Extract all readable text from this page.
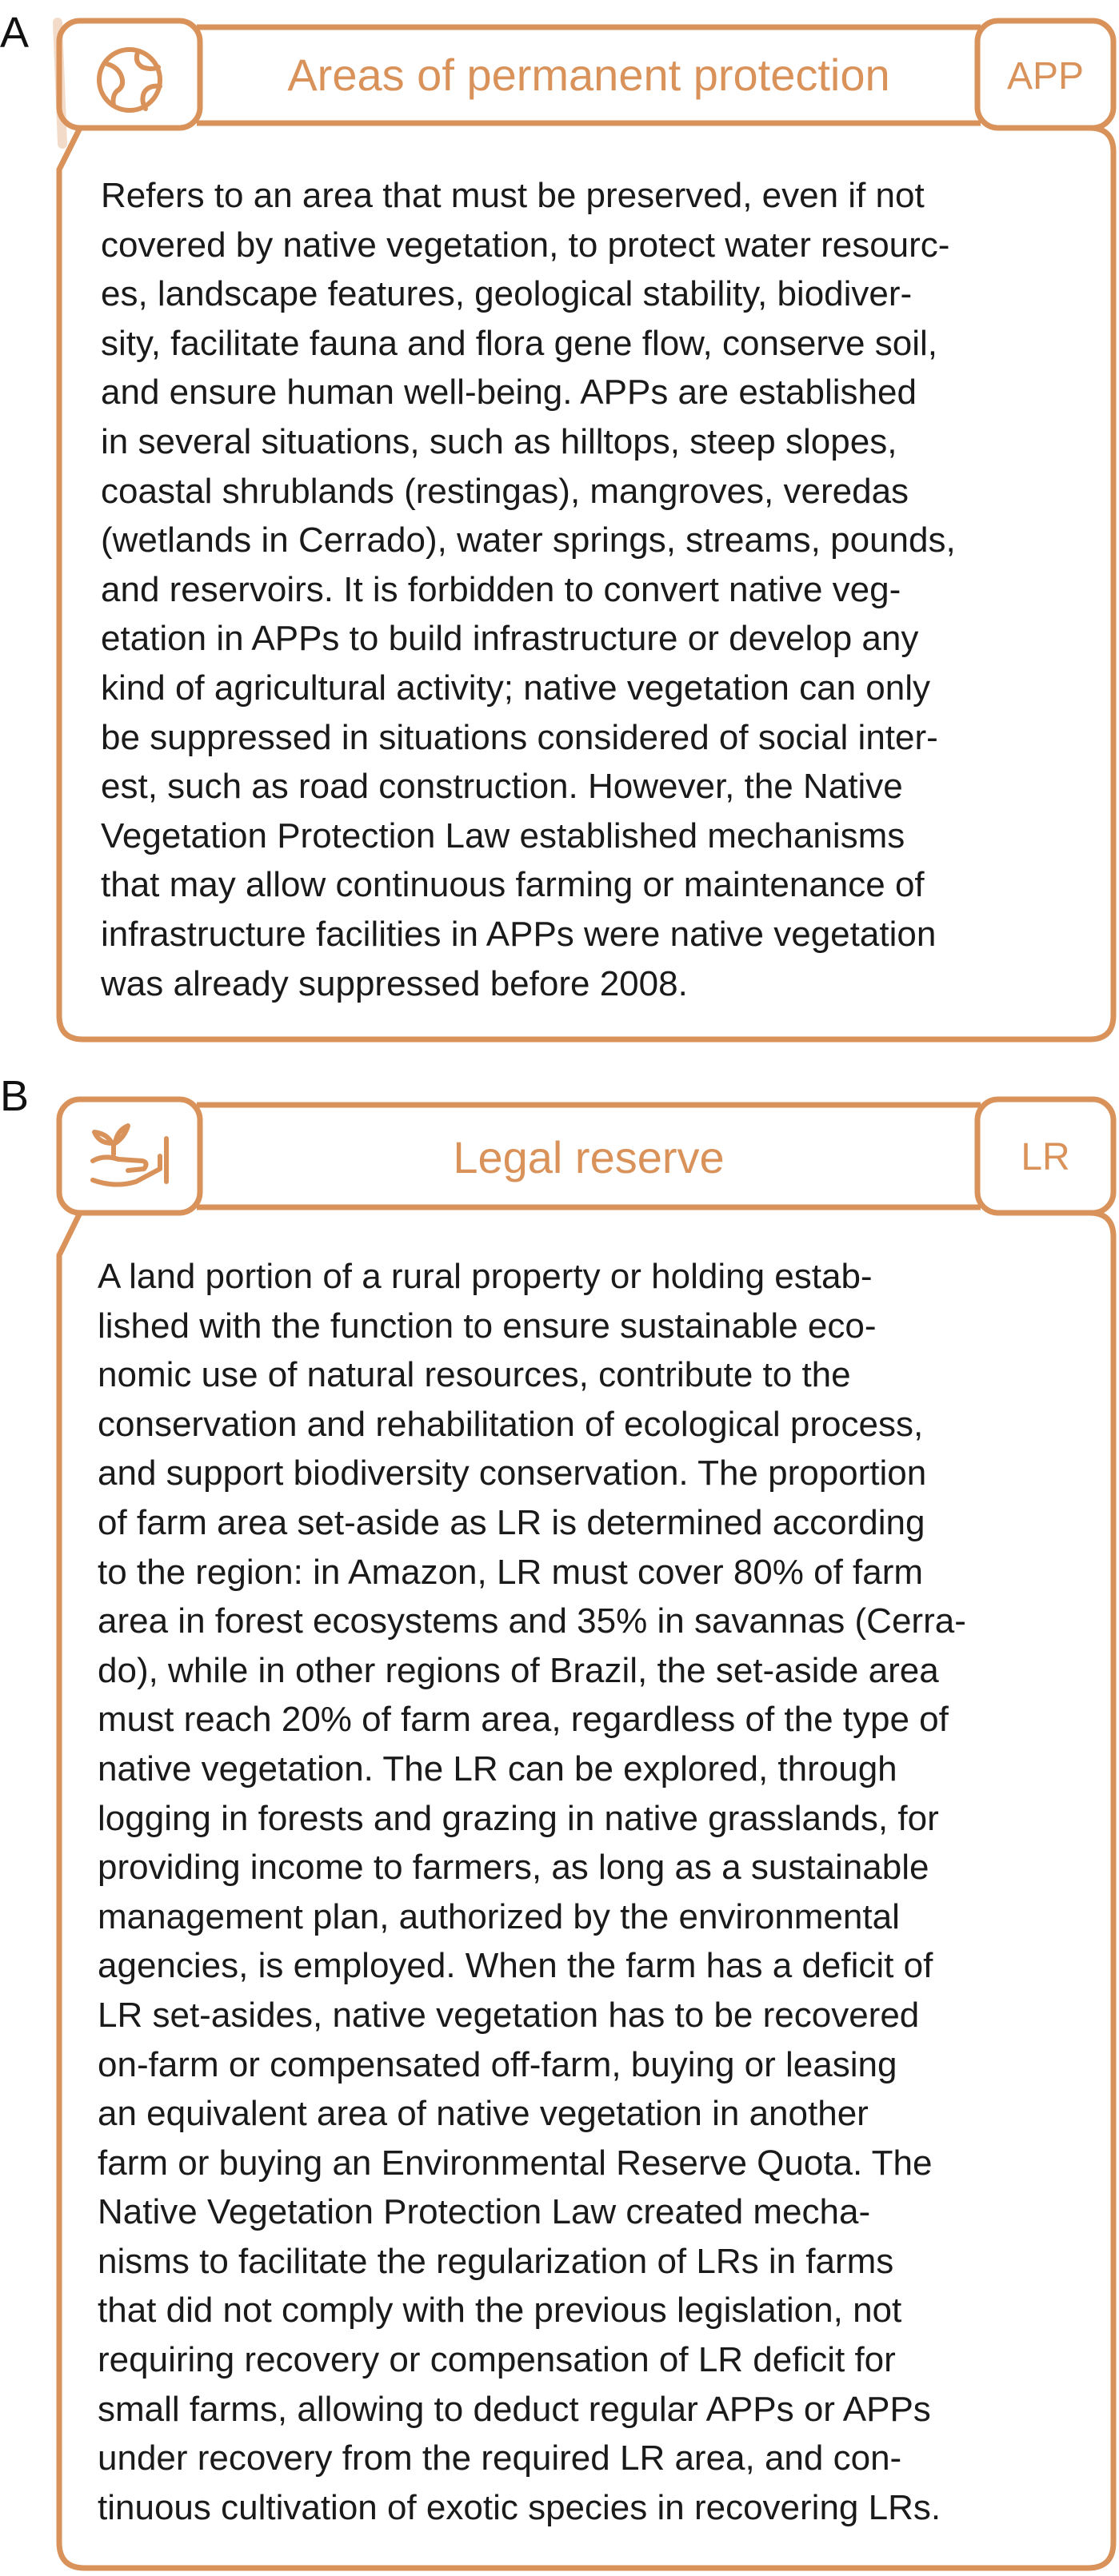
A
Areas of permanent protection	APP

Refers to an area that must be preserved, even if not

covered by native vegetation, to protect water resourc-

es, landscape features, geological stability, biodiver-

sity, facilitate fauna and flora gene flow, conserve soil,

and ensure human well-being. APPs are established

in several situations, such as hilltops, steep slopes,

coastal shrublands (restingas), mangroves, veredas

(wetlands in Cerrado), water springs, streams, pounds,

and reservoirs. It is forbidden to convert native veg-

etation in APPs to build infrastructure or develop any

kind of agricultural activity; native vegetation can only

be suppressed in situations considered of social inter-

est, such as road construction. However, the Native

Vegetation Protection Law established mechanisms

that may allow continuous farming or maintenance of

infrastructure facilities in APPs were native vegetation

was already suppressed before 2008.

B
Legal reserve	LR

A land portion of a rural property or holding estab-

lished with the function to ensure sustainable eco-

nomic use of natural resources, contribute to the

conservation and rehabilitation of ecological process,

and support biodiversity conservation. The proportion

of farm area set-aside as LR is determined according

to the region: in Amazon, LR must cover 80% of farm

area in forest ecosystems and 35% in savannas (Cerra-

do), while in other regions of Brazil, the set-aside area

must reach 20% of farm area, regardless of the type of

native vegetation. The LR can be explored, through

logging in forests and grazing in native grasslands, for

providing income to farmers, as long as a sustainable

management plan, authorized by the environmental

agencies, is employed. When the farm has a deficit of

LR set-asides, native vegetation has to be recovered

on-farm or compensated off-farm, buying or leasing

an equivalent area of native vegetation in another

farm or buying an Environmental Reserve Quota. The

Native Vegetation Protection Law created mecha-

nisms to facilitate the regularization of LRs in farms

that did not comply with the previous legislation, not

requiring recovery or compensation of LR deficit for

small farms, allowing to deduct regular APPs or APPs

under recovery from the required LR area, and con-

tinuous cultivation of exotic species in recovering LRs.
